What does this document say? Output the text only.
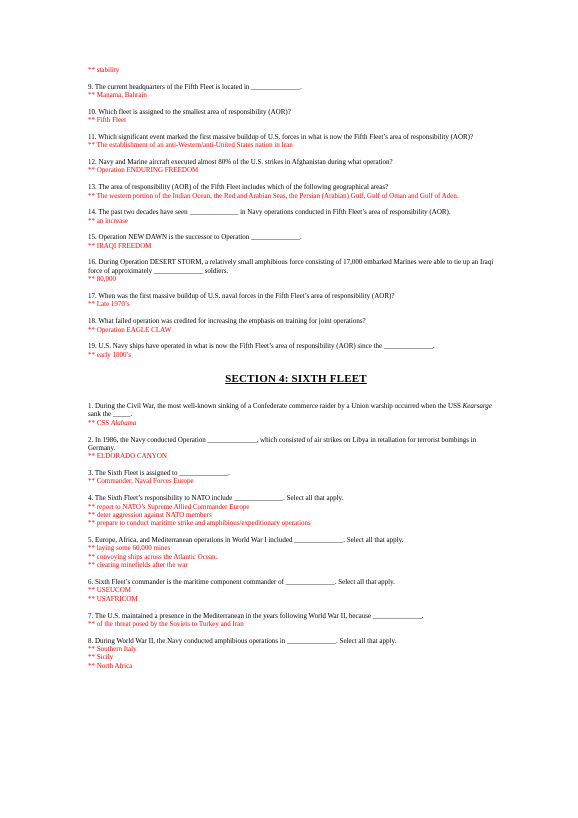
** stability
9. The current headquarters of the Fifth Fleet is located in ______________.
** Manama, Bahrain
10. Which fleet is assigned to the smallest area of responsibility (AOR)?
** Fifth Fleet
11. Which significant event marked the first massive buildup of U.S. forces in what is now the Fifth Fleet’s area of responsibility (AOR)?
** The establishment of an anti-Western/anti-United States nation in Iran
12. Navy and Marine aircraft executed almost 80% of the U.S. strikes in Afghanistan during what operation?
** Operation ENDURING FREEDOM
13. The area of responsibility (AOR) of the Fifth Fleet includes which of the following geographical areas?
** The western portion of the Indian Ocean, the Red and Arabian Seas, the Persian (Arabian) Gulf, Gulf of Oman and Gulf of Aden.
14. The past two decades have seen ______________ in Navy operations conducted in Fifth Fleet’s area of responsibility (AOR).
** an increase
15. Operation NEW DAWN is the successor to Operation ______________.
** IRAQI FREEDOM
16. During Operation DESERT STORM, a relatively small amphibious force consisting of 17,000 embarked Marines were able to tie up an Iraqi force of approximately ______________ soldiers.
** 80,000
17. When was the first massive buildup of U.S. naval forces in the Fifth Fleet’s area of responsibility (AOR)?
** Late 1970’s
18. What failed operation was credited for increasing the emphasis on training for joint operations?
** Operation EAGLE CLAW
19. U.S. Navy ships have operated in what is now the Fifth Fleet’s area of responsibility (AOR) since the ______________.
** early 1800’s
SECTION 4: SIXTH FLEET
1. During the Civil War, the most well-known sinking of a Confederate commerce raider by a Union warship occurred when the USS Kearsarge sank the _____.
** CSS Alabama
2. In 1986, the Navy conducted Operation ______________, which consisted of air strikes on Libya in retaliation for terrorist bombings in Germany.
** ELDORADO CANYON
3. The Sixth Fleet is assigned to ______________.
** Commander, Naval Forces Europe
4. The Sixth Fleet’s responsibility to NATO include ______________. Select all that apply.
** report to NATO’s Supreme Allied Commander Europe
** deter aggression against NATO members
** prepare to conduct maritime strike and amphibious/expeditionary operations
5. Europe, Africa, and Mediterranean operations in World War I included ______________. Select all that apply.
** laying some 60,000 mines
** convoying ships across the Atlantic Ocean.
** clearing minefields after the war
6. Sixth Fleet’s commander is the maritime component commander of ______________. Select all that apply.
** USEUCOM
** USAFRICOM
7. The U.S. maintained a presence in the Mediterranean in the years following World War II, because ______________.
** of the threat posed by the Soviets to Turkey and Iran
8. During World War II, the Navy conducted amphibious operations in ______________. Select all that apply.
** Southern Italy
** Sicily
** North Africa
